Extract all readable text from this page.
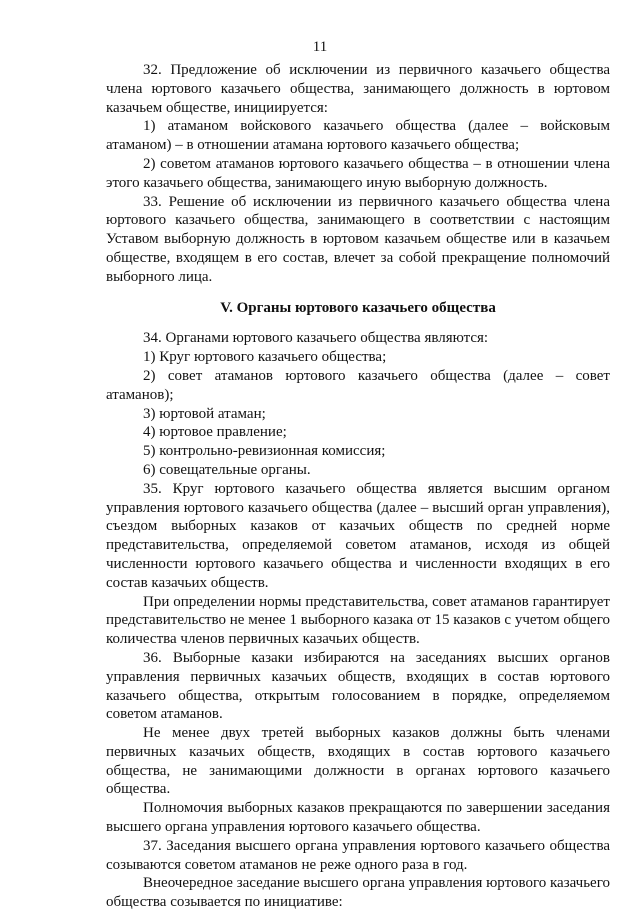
11

32. Предложение об исключении из первичного казачьего общества члена юртового казачьего общества, занимающего должность в юртовом казачьем обществе, инициируется:

1) атаманом войскового казачьего общества (далее – войсковым атаманом) – в отношении атамана юртового казачьего общества;

2) советом атаманов юртового казачьего общества – в отношении члена этого казачьего общества, занимающего иную выборную должность.

33. Решение об исключении из первичного казачьего общества члена юртового казачьего общества, занимающего в соответствии с настоящим Уставом выборную должность в юртовом казачьем обществе или в казачьем обществе, входящем в его состав, влечет за собой прекращение полномочий выборного лица.

V. Органы юртового казачьего общества

34. Органами юртового казачьего общества являются:

1) Круг юртового казачьего общества;

2) совет атаманов юртового казачьего общества (далее – совет атаманов);

3) юртовой атаман;

4) юртовое правление;

5) контрольно-ревизионная комиссия;

6) совещательные органы.

35. Круг юртового казачьего общества является высшим органом управления юртового казачьего общества (далее – высший орган управления), съездом выборных казаков от казачьих обществ по средней норме представительства, определяемой советом атаманов, исходя из общей численности юртового казачьего общества и численности входящих в его состав казачьих обществ.

При определении нормы представительства, совет атаманов гарантирует представительство не менее 1 выборного казака от 15 казаков с учетом общего количества членов первичных казачьих обществ.

36. Выборные казаки избираются на заседаниях высших органов управления первичных казачьих обществ, входящих в состав юртового казачьего общества, открытым голосованием в порядке, определяемом советом атаманов.

Не менее двух третей выборных казаков должны быть членами первичных казачьих обществ, входящих в состав юртового казачьего общества, не занимающими должности в органах юртового казачьего общества.

Полномочия выборных казаков прекращаются по завершении заседания высшего органа управления юртового казачьего общества.

37. Заседания высшего органа управления юртового казачьего общества созываются советом атаманов не реже одного раза в год.

Внеочередное заседание высшего органа управления юртового казачьего общества созывается по инициативе:
